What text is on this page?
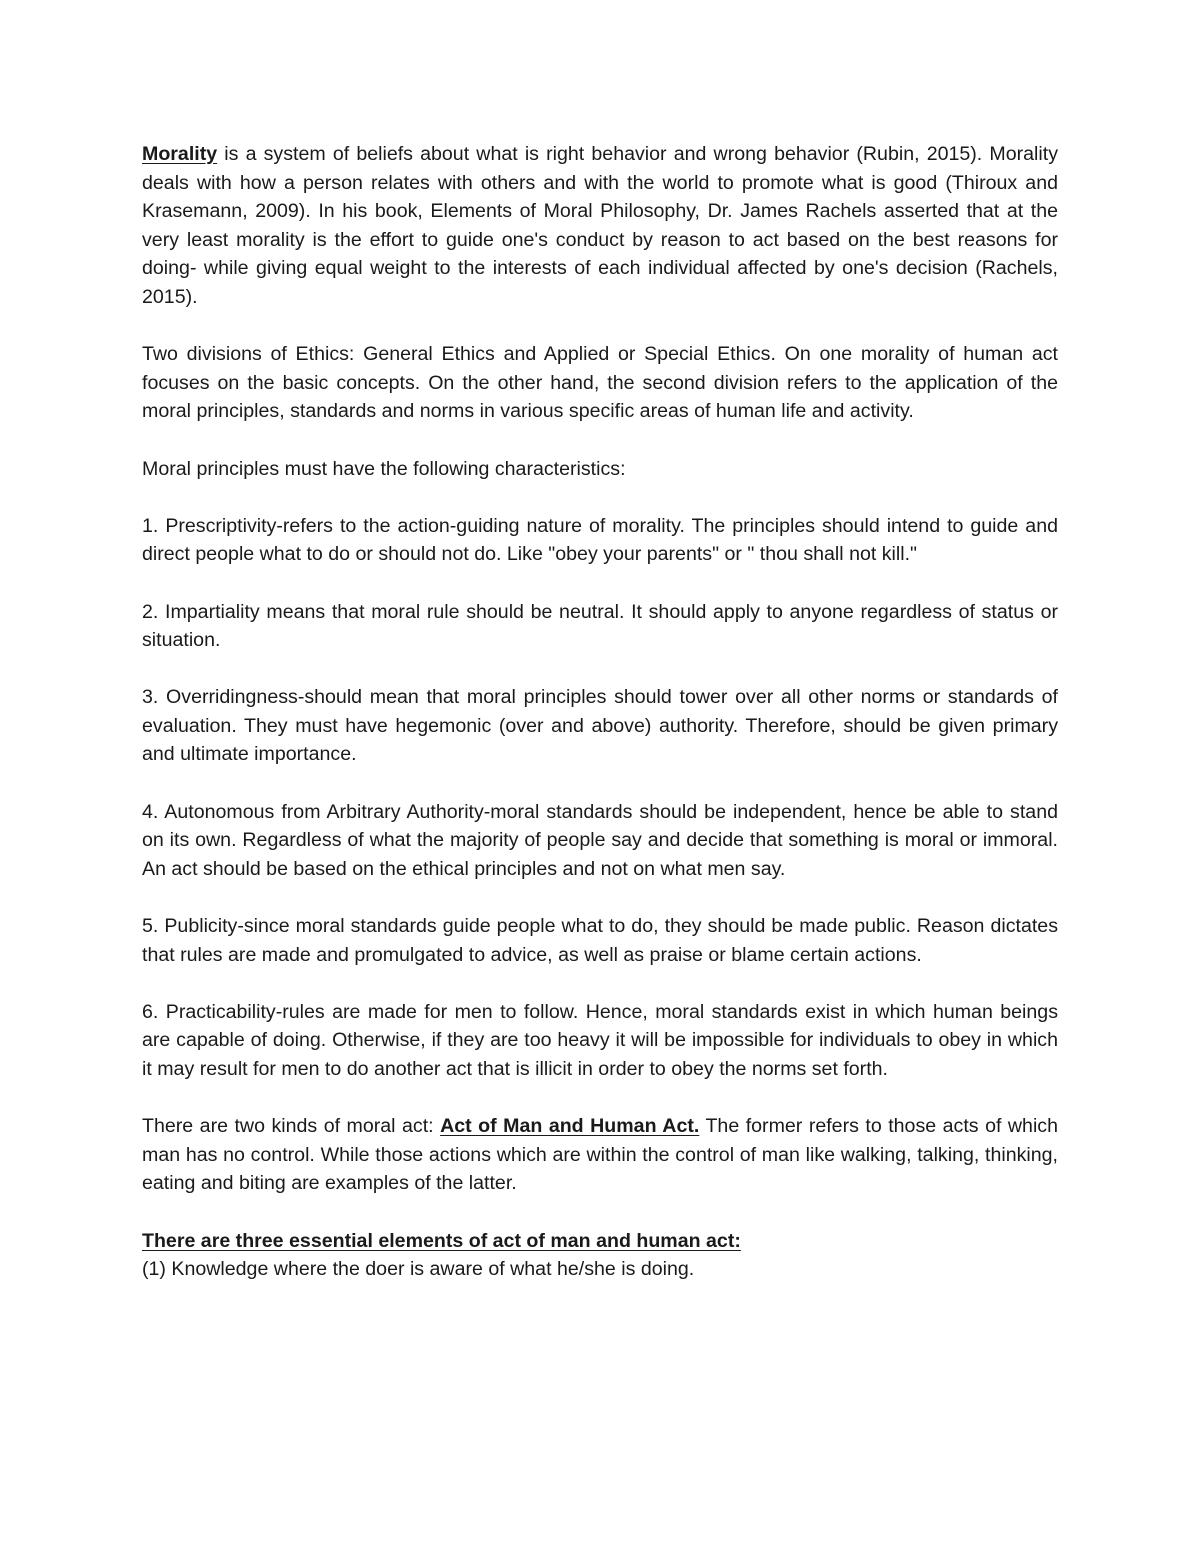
Morality is a system of beliefs about what is right behavior and wrong behavior (Rubin, 2015). Morality deals with how a person relates with others and with the world to promote what is good (Thiroux and Krasemann, 2009). In his book, Elements of Moral Philosophy, Dr. James Rachels asserted that at the very least morality is the effort to guide one's conduct by reason to act based on the best reasons for doing- while giving equal weight to the interests of each individual affected by one's decision (Rachels, 2015).

Two divisions of Ethics: General Ethics and Applied or Special Ethics. On one morality of human act focuses on the basic concepts. On the other hand, the second division refers to the application of the moral principles, standards and norms in various specific areas of human life and activity.

Moral principles must have the following characteristics:

1. Prescriptivity-refers to the action-guiding nature of morality. The principles should intend to guide and direct people what to do or should not do. Like "obey your parents" or " thou shall not kill."

2. Impartiality means that moral rule should be neutral. It should apply to anyone regardless of status or situation.

3. Overridingness-should mean that moral principles should tower over all other norms or standards of evaluation. They must have hegemonic (over and above) authority. Therefore, should be given primary and ultimate importance.

4. Autonomous from Arbitrary Authority-moral standards should be independent, hence be able to stand on its own. Regardless of what the majority of people say and decide that something is moral or immoral. An act should be based on the ethical principles and not on what men say.

5. Publicity-since moral standards guide people what to do, they should be made public. Reason dictates that rules are made and promulgated to advice, as well as praise or blame certain actions.

6. Practicability-rules are made for men to follow. Hence, moral standards exist in which human beings are capable of doing. Otherwise, if they are too heavy it will be impossible for individuals to obey in which it may result for men to do another act that is illicit in order to obey the norms set forth.

There are two kinds of moral act: Act of Man and Human Act. The former refers to those acts of which man has no control. While those actions which are within the control of man like walking, talking, thinking, eating and biting are examples of the latter.

There are three essential elements of act of man and human act:

(1) Knowledge where the doer is aware of what he/she is doing.
